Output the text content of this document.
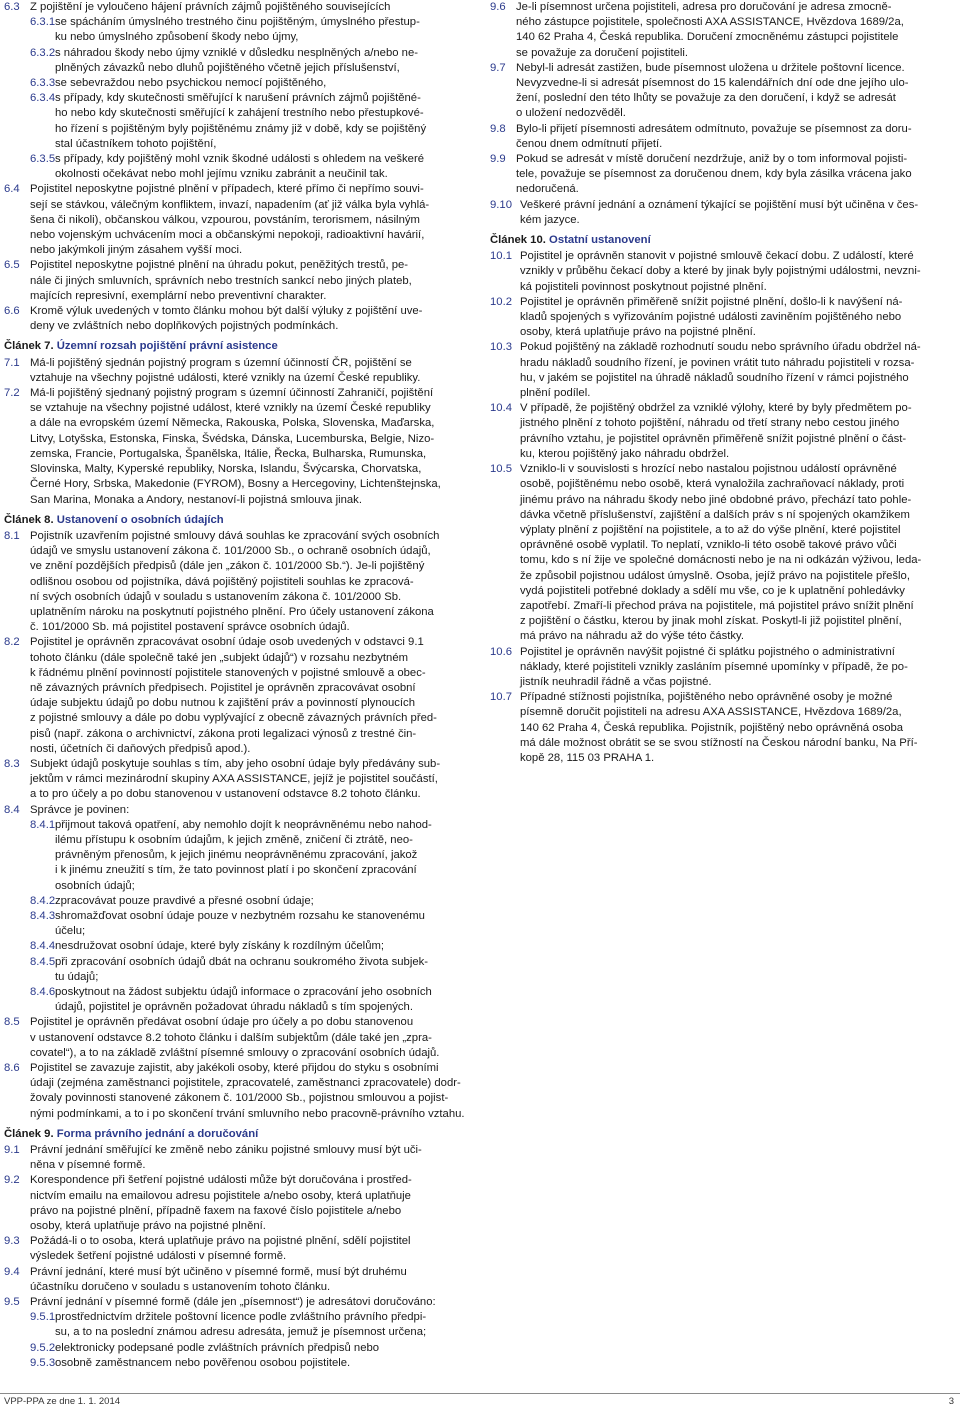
6.3 Z pojištění je vyloučeno hájení právních zájmů pojištěného souvisejících
6.3.1 se spácháním úmyslného trestného činu pojištěným, úmyslného přestup-
ku nebo úmyslného způsobení škody nebo újmy,
6.3.2 s náhradou škody nebo újmy vzniklé v důsledku nesplněných a/nebo ne-
plněných závazků nebo dluhů pojištěného včetně jejich příslušenství,
6.3.3 se sebevraždou nebo psychickou nemocí pojištěného,
6.3.4 s případy, kdy skutečnosti směřující k narušení právních zájmů pojištěné-
ho nebo kdy skutečnosti směřující k zahájení trestního nebo přestupkové-
ho řízení s pojištěným byly pojištěnému známy již v době, kdy se pojištěný
stal účastníkem tohoto pojištění,
6.3.5 s případy, kdy pojištěný mohl vznik škodné události s ohledem na veškeré
okolnosti očekávat nebo mohl jejímu vzniku zabránit a neučinil tak.
6.4 Pojistitel neposkytne pojistné plnění v případech, které přímo či nepřímo souvi-
sejí se stávkou, válečným konfliktem, invazí, napadením (ať již válka byla vyhlá-
šena či nikoli), občanskou válkou, vzpourou, povstáním, terorismem, násilným
nebo vojenským uchvácením moci a občanskými nepokoji, radioaktivní havárií,
nebo jakýmkoli jiným zásahem vyšší moci.
6.5 Pojistitel neposkytne pojistné plnění na úhradu pokut, peněžitých trestů, pe-
nále či jiných smluvních, správních nebo trestních sankcí nebo jiných plateb,
majících represivní, exemplární nebo preventivní charakter.
6.6 Kromě výluk uvedených v tomto článku mohou být další výluky z pojištění uve-
deny ve zvláštních nebo doplňkových pojistných podmínkách.
Článek 7. Územní rozsah pojištění právní asistence
7.1 Má-li pojištěný sjednán pojistný program s územní účinností ČR, pojištění se
vztahuje na všechny pojistné události, které vznikly na území České republiky.
7.2 Má-li pojištěný sjednaný pojistný program s územní účinností Zahraničí, pojištění
se vztahuje na všechny pojistné událost, které vznikly na území České republiky
a dále na evropském území Německa, Rakouska, Polska, Slovenska, Maďarska,
Litvy, Lotyšska, Estonska, Finska, Švédska, Dánska, Lucemburska, Belgie, Nizo-
zemska, Francie, Portugalska, Španělska, Itálie, Řecka, Bulharska, Rumunska,
Slovinska, Malty, Kyperské republiky, Norska, Islandu, Švýcarska, Chorvatska,
Černé Hory, Srbska, Makedonie (FYROM), Bosny a Hercegoviny, Lichtenštejnska,
San Marina, Monaka a Andory, nestanoví-li pojistná smlouva jinak.
Článek 8. Ustanovení o osobních údajích
8.1 Pojistník uzavřením pojistné smlouvy dává souhlas ke zpracování svých osobních
údajů ve smyslu ustanovení zákona č. 101/2000 Sb., o ochraně osobních údajů,
ve znění pozdějších předpisů (dále jen „zákon č. 101/2000 Sb.“). Je-li pojištěný
odlišnou osobou od pojistníka, dává pojištěný pojistiteli souhlas ke zpracová-
ní svých osobních údajů v souladu s ustanovením zákona č. 101/2000 Sb.
uplatněním nároku na poskytnutí pojistného plnění. Pro účely ustanovení zákona
č. 101/2000 Sb. má pojistitel postavení správce osobních údajů.
8.2 Pojistitel je oprávněn zpracovávat osobní údaje osob uvedených v odstavci 9.1
tohoto článku (dále společně také jen „subjekt údajů“) v rozsahu nezbytném
k řádnému plnění povinností pojistitele stanovených v pojistné smlouvě a obec-
ně závazných právních předpisech. Pojistitel je oprávněn zpracovávat osobní
údaje subjektu údajů po dobu nutnou k zajištění práv a povinností plynoucích
z pojistné smlouvy a dále po dobu vyplývající z obecně závazných právních před-
pisů (např. zákona o archivnictví, zákona proti legalizaci výnosů z trestné čin-
nosti, účetních či daňových předpisů apod.).
8.3 Subjekt údajů poskytuje souhlas s tím, aby jeho osobní údaje byly předávány sub-
jektům v rámci mezinárodní skupiny AXA ASSISTANCE, jejíž je pojistitel součástí,
a to pro účely a po dobu stanovenou v ustanovení odstavce 8.2 tohoto článku.
8.4 Správce je povinen:
8.4.1 přijmout taková opatření, aby nemohlo dojít k neoprávněnému nebo nahod-
ilému přístupu k osobním údajům, k jejich změně, zničení či ztrátě, neo-
právněným přenosům, k jejich jinému neoprávněnému zpracování, jakož
i k jinému zneužití s tím, že tato povinnost platí i po skončení zpracování
osobních údajů;
8.4.2 zpracovávat pouze pravdivé a přesné osobní údaje;
8.4.3 shromažďovat osobní údaje pouze v nezbytném rozsahu ke stanovenému
účelu;
8.4.4 nesdružovat osobní údaje, které byly získány k rozdílným účelům;
8.4.5 při zpracování osobních údajů dbát na ochranu soukromého života subjek-
tu údajů;
8.4.6 poskytnout na žádost subjektu údajů informace o zpracování jeho osobních
údajů, pojistitel je oprávněn požadovat úhradu nákladů s tím spojených.
8.5 Pojistitel je oprávněn předávat osobní údaje pro účely a po dobu stanovenou
v ustanovení odstavce 8.2 tohoto článku i dalším subjektům (dále také jen „zpra-
covatel“), a to na základě zvláštní písemné smlouvy o zpracování osobních údajů.
8.6 Pojistitel se zavazuje zajistit, aby jakékoli osoby, které přijdou do styku s osobními
údaji (zejména zaměstnanci pojistitele, zpracovatelé, zaměstnanci zpracovatele) dodr-
žovaly povinnosti stanovené zákonem č. 101/2000 Sb., pojistnou smlouvou a pojist-
nými podmínkami, a to i po skončení trvání smluvního nebo pracovně-právního vztahu.
Článek 9. Forma právního jednání a doručování
9.1 Právní jednání směřující ke změně nebo zániku pojistné smlouvy musí být uči-
něna v písemné formě.
9.2 Korespondence při šetření pojistné události může být doručována i prostřed-
nictvím emailu na emailovou adresu pojistitele a/nebo osoby, která uplatňuje
právo na pojistné plnění, případně faxem na faxové číslo pojistitele a/nebo
osoby, která uplatňuje právo na pojistné plnění.
9.3 Požádá-li o to osoba, která uplatňuje právo na pojistné plnění, sdělí pojistitel
výsledek šetření pojistné události v písemné formě.
9.4 Právní jednání, které musí být učiněno v písemné formě, musí být druhému
účastníku doručeno v souladu s ustanovením tohoto článku.
9.5 Právní jednání v písemné formě (dále jen „písemnost“) je adresátovi doručováno:
9.5.1 prostřednictvím držitele poštovní licence podle zvláštního právního předpi-
su, a to na poslední známou adresu adresáta, jemuž je písemnost určena;
9.5.2 elektronicky podepsané podle zvláštních právních předpisů nebo
9.5.3 osobně zaměstnancem nebo pověřenou osobou pojistitele.
9.6 Je-li písemnost určena pojistiteli, adresa pro doručování je adresa zmocně-
ného zástupce pojistitele, společnosti AXA ASSISTANCE, Hvězdova 1689/2a,
140 62 Praha 4, Česká republika. Doručení zmocněnému zástupci pojistitele
se považuje za doručení pojistiteli.
9.7 Nebyl-li adresát zastižen, bude písemnost uložena u držitele poštovní licence.
Nevyzvedne-li si adresát písemnost do 15 kalendářních dní ode dne jejího ulo-
žení, poslední den této lhůty se považuje za den doručení, i když se adresát
o uložení nedozvěděl.
9.8 Bylo-li přijetí písemnosti adresátem odmítnuto, považuje se písemnost za doru-
čenou dnem odmítnutí přijetí.
9.9 Pokud se adresát v místě doručení nezdržuje, aniž by o tom informoval pojisti-
tele, považuje se písemnost za doručenou dnem, kdy byla zásilka vrácena jako
nedoručená.
9.10 Veškeré právní jednání a oznámení týkající se pojištění musí být učiněna v čes-
kém jazyce.
Článek 10. Ostatní ustanovení
10.1 Pojistitel je oprávněn stanovit v pojistné smlouvě čekací dobu. Z událostí, které
vznikly v průběhu čekací doby a které by jinak byly pojistnými událostmi, nevzni-
ká pojistiteli povinnost poskytnout pojistné plnění.
10.2 Pojistitel je oprávněn přiměřeně snížit pojistné plnění, došlo-li k navýšení ná-
kladů spojených s vyřizováním pojistné události zaviněním pojištěného nebo
osoby, která uplatňuje právo na pojistné plnění.
10.3 Pokud pojištěný na základě rozhodnutí soudu nebo správního úřadu obdržel ná-
hradu nákladů soudního řízení, je povinen vrátit tuto náhradu pojistiteli v rozsa-
hu, v jakém se pojistitel na úhradě nákladů soudního řízení v rámci pojistného
plnění podílel.
10.4 V případě, že pojištěný obdržel za vzniklé výlohy, které by byly předmětem po-
jistného plnění z tohoto pojištění, náhradu od třetí strany nebo cestou jiného
právního vztahu, je pojistitel oprávněn přiměřeně snížit pojistné plnění o část-
ku, kterou pojištěný jako náhradu obdržel.
10.5 Vzniklo-li v souvislosti s hrozící nebo nastalou pojistnou událostí oprávněné
osobě, pojištěnému nebo osobě, která vynaložila zachraňovací náklady, proti
jinému právo na náhradu škody nebo jiné obdobné právo, přechází tato pohle-
dávka včetně příslušenství, zajištění a dalších práv s ní spojených okamžikem
výplaty plnění z pojištění na pojistitele, a to až do výše plnění, které pojistitel
oprávněné osobě vyplatil. To neplatí, vzniklo-li této osobě takové právo vůči
tomu, kdo s ní žije ve společné domácnosti nebo je na ni odkázán výživou, leda-
že způsobil pojistnou událost úmyslně. Osoba, jejíž právo na pojistitele přešlo,
vydá pojistiteli potřebné doklady a sdělí mu vše, co je k uplatnění pohledávky
zapotřebí. Zmaří-li přechod práva na pojistitele, má pojistitel právo snížit plnění
z pojištění o částku, kterou by jinak mohl získat. Poskytl-li již pojistitel plnění,
má právo na náhradu až do výše této částky.
10.6 Pojistitel je oprávněn navýšit pojistné či splátku pojistného o administrativní
náklady, které pojistiteli vznikly zasláním písemné upomínky v případě, že po-
jistník neuhradil řádně a včas pojistné.
10.7 Případné stížnosti pojistníka, pojištěného nebo oprávněné osoby je možné
písemně doručit pojistiteli na adresu AXA ASSISTANCE, Hvězdova 1689/2a,
140 62 Praha 4, Česká republika. Pojistník, pojištěný nebo oprávněná osoba
má dále možnost obrátit se se svou stížností na Českou národní banku, Na Pří-
kopě 28, 115 03 PRAHA 1.
VPP-PPA ze dne 1. 1. 2014	3
